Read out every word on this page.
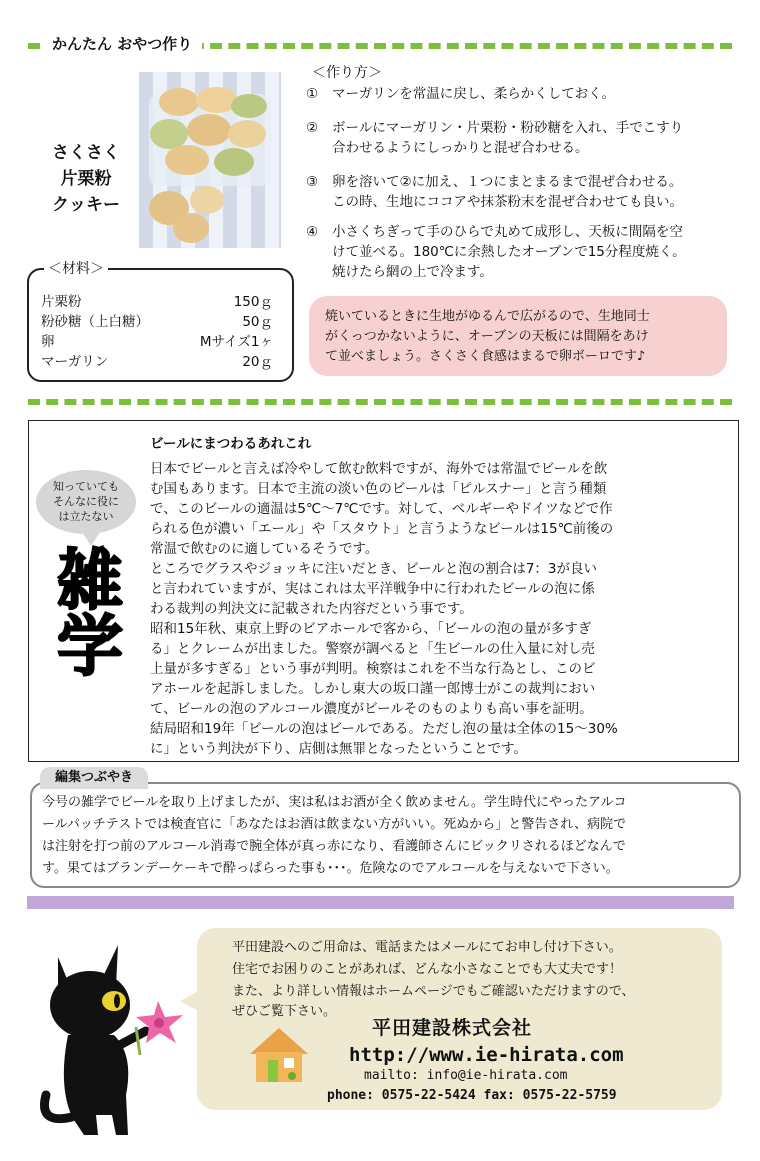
かんたん おやつ作り
さくさく
片栗粉
クッキー
＜材料＞
片栗粉	150ｇ
粉砂糖（上白糖）	50ｇ
卵	Mサイズ1ヶ
マーガリン	20ｇ
＜作り方＞
① マーガリンを常温に戻し、柔らかくしておく。
② ボールにマーガリン・片栗粉・粉砂糖を入れ、手でこすり
合わせるようにしっかりと混ぜ合わせる。
③ 卵を溶いて②に加え、１つにまとまるまで混ぜ合わせる。
この時、生地にココアや抹茶粉末を混ぜ合わせても良い。
④ 小さくちぎって手のひらで丸めて成形し、天板に間隔を空
けて並べる。180℃に余熱したオーブンで15分程度焼く。
焼けたら網の上で冷ます。
焼いているときに生地がゆるんで広がるので、生地同士
がくっつかないように、オーブンの天板には間隔をあけ
て並べましょう。さくさく食感はまるで卵ボーロです♪
知っていても
そんなに役に
は立たない
雑
学
ビールにまつわるあれこれ
日本でビールと言えば冷やして飲む飲料ですが、海外では常温でビールを飲
む国もあります。日本で主流の淡い色のビールは「ピルスナー」と言う種類
で、このビールの適温は5℃～7℃です。対して、ベルギーやドイツなどで作
られる色が濃い「エール」や「スタウト」と言うようなビールは15℃前後の
常温で飲むのに適しているそうです。
ところでグラスやジョッキに注いだとき、ビールと泡の割合は7：3が良い
と言われていますが、実はこれは太平洋戦争中に行われたビールの泡に係
わる裁判の判決文に記載された内容だという事です。
昭和15年秋、東京上野のビアホールで客から、「ビールの泡の量が多すぎ
る」とクレームが出ました。警察が調べると「生ビールの仕入量に対し売
上量が多すぎる」という事が判明。検察はこれを不当な行為とし、このビ
アホールを起訴しました。しかし東大の坂口謹一郎博士がこの裁判におい
て、ビールの泡のアルコール濃度がビールそのものよりも高い事を証明。
結局昭和19年「ビールの泡はビールである。ただし泡の量は全体の15～30%
に」という判決が下り、店側は無罪となったということです。
今号の雑学でビールを取り上げましたが、実は私はお酒が全く飲めません。学生時代にやったアルコ
ールパッチテストでは検査官に「あなたはお酒は飲まない方がいい。死ぬから」と警告され、病院で
は注射を打つ前のアルコール消毒で腕全体が真っ赤になり、看護師さんにビックリされるほどなんで
す。果てはブランデーケーキで酔っぱらった事も･･･。危険なのでアルコールを与えないで下さい。
編集つぶやき
平田建設へのご用命は、電話またはメールにてお申し付け下さい。
住宅でお困りのことがあれば、どんな小さなことでも大丈夫です！
また、より詳しい情報はホームページでもご確認いただけますので、
ぜひご覧下さい。
平田建設株式会社
http://www.ie-hirata.com
mailto: info@ie-hirata.com
phone: 0575-22-5424 fax: 0575-22-5759
